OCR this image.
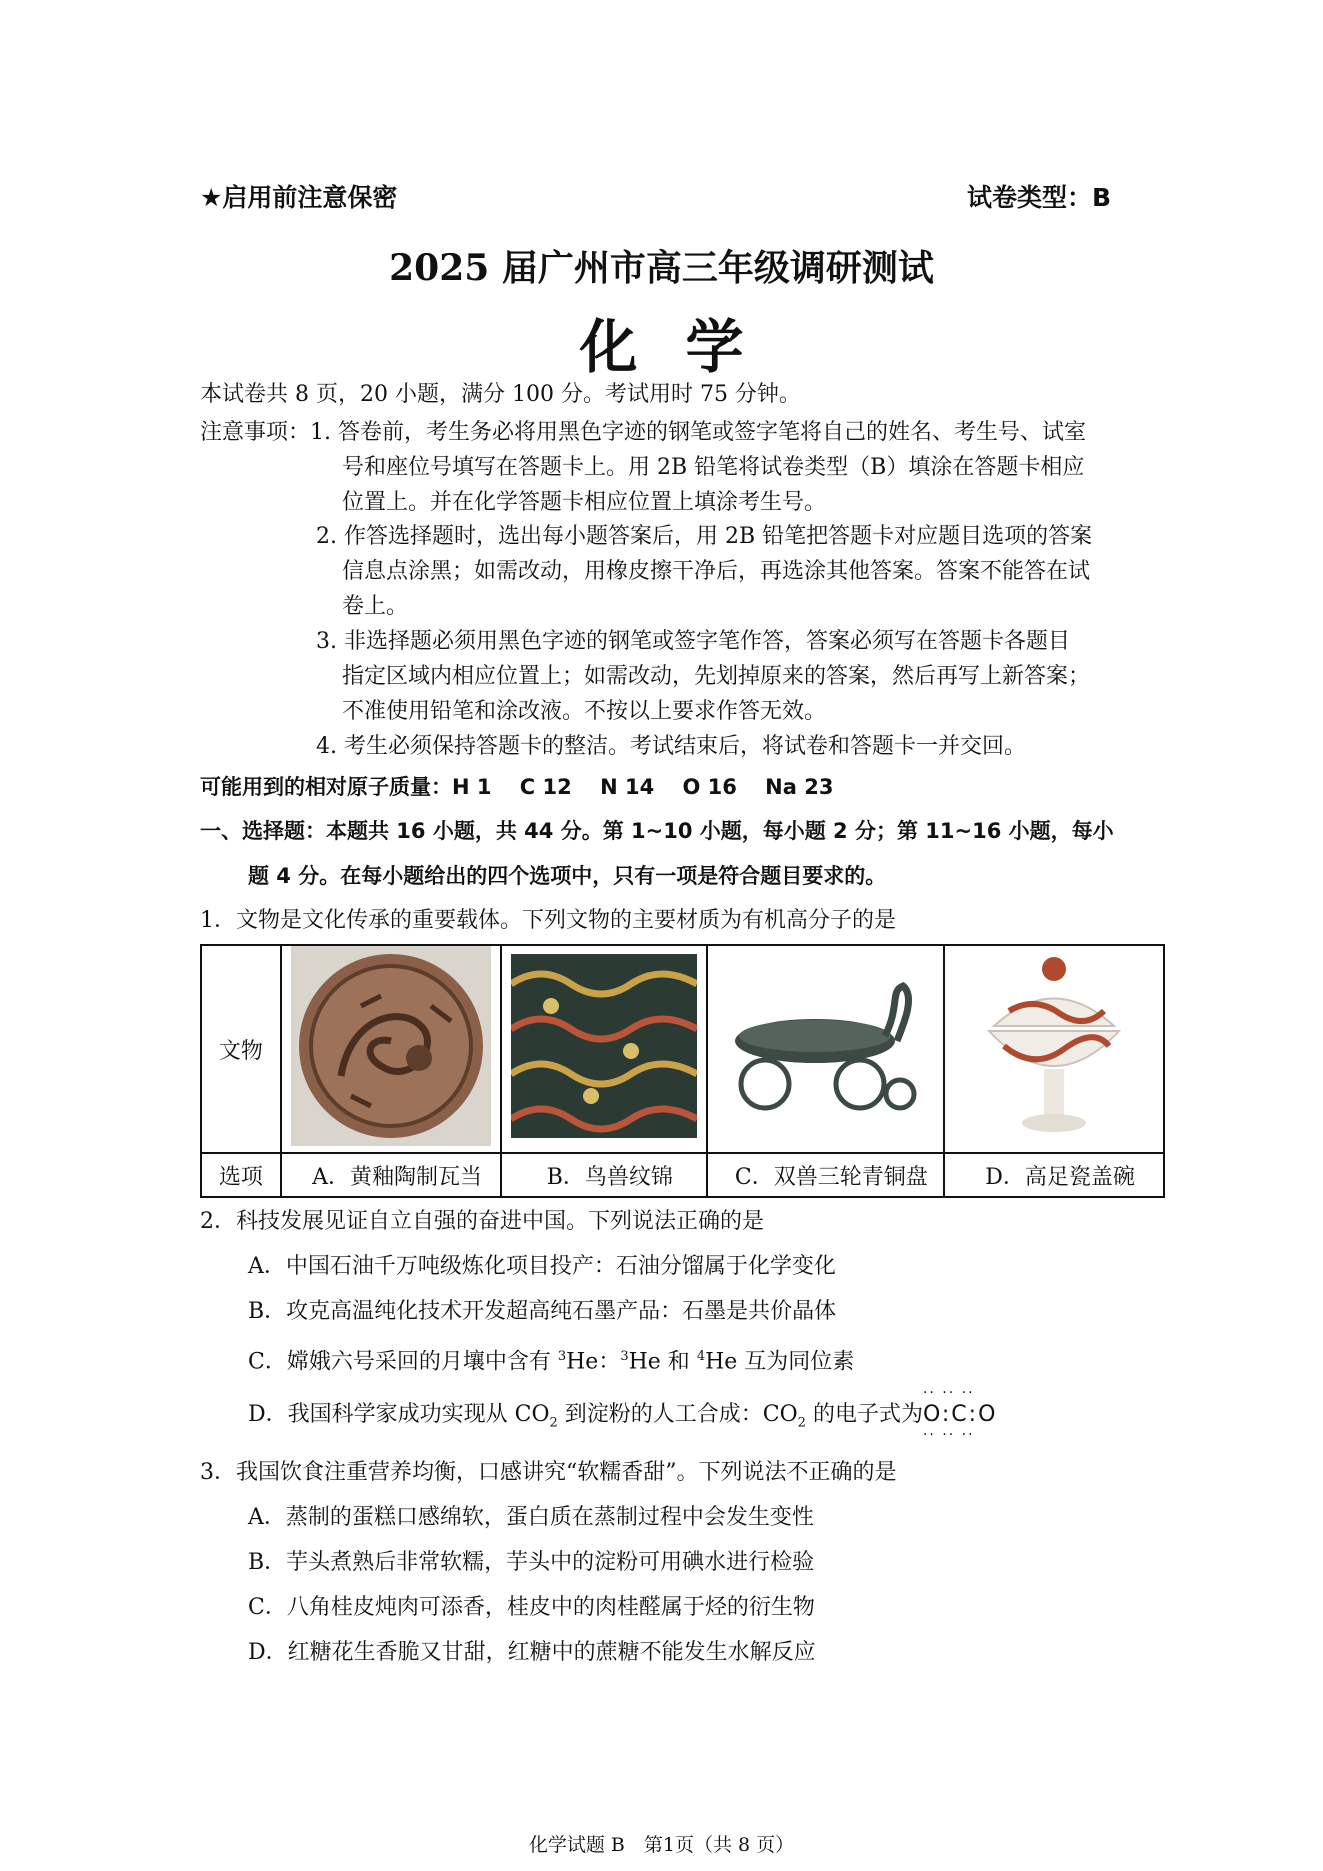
★启用前注意保密	试卷类型：B
2025 届广州市高三年级调研测试
化学
本试卷共 8 页，20 小题，满分 100 分。考试用时 75 分钟。
注意事项：1. 答卷前，考生务必将用黑色字迹的钢笔或签字笔将自己的姓名、考生号、试室
号和座位号填写在答题卡上。用 2B 铅笔将试卷类型（B）填涂在答题卡相应
位置上。并在化学答题卡相应位置上填涂考生号。
2. 作答选择题时，选出每小题答案后，用 2B 铅笔把答题卡对应题目选项的答案
信息点涂黑；如需改动，用橡皮擦干净后，再选涂其他答案。答案不能答在试
卷上。
3. 非选择题必须用黑色字迹的钢笔或签字笔作答，答案必须写在答题卡各题目
指定区域内相应位置上；如需改动，先划掉原来的答案，然后再写上新答案；
不准使用铅笔和涂改液。不按以上要求作答无效。
4. 考生必须保持答题卡的整洁。考试结束后，将试卷和答题卡一并交回。
可能用到的相对原子质量：H 1　 C 12　 N 14　 O 16　 Na 23
一、选择题：本题共 16 小题，共 44 分。第 1~10 小题，每小题 2 分；第 11~16 小题，每小
题 4 分。在每小题给出的四个选项中，只有一项是符合题目要求的。
1．文物是文化传承的重要载体。下列文物的主要材质为有机高分子的是
文物				
选项	A．黄釉陶制瓦当	B．鸟兽纹锦	C．双兽三轮青铜盘	D．高足瓷盖碗
2．科技发展见证自立自强的奋进中国。下列说法正确的是
A．中国石油千万吨级炼化项目投产：石油分馏属于化学变化
B．攻克高温纯化技术开发超高纯石墨产品：石墨是共价晶体
C．嫦娥六号采回的月壤中含有 $^3$He：$^3$He 和 $^4$He 互为同位素
D．我国科学家成功实现从 $CO_2$ 到淀粉的人工合成：$CO_2$ 的电子式为
·· ·· ··
O:C:O
·· ·· ··
3．我国饮食注重营养均衡，口感讲究“软糯香甜”。下列说法不正确的是
A．蒸制的蛋糕口感绵软，蛋白质在蒸制过程中会发生变性
B．芋头煮熟后非常软糯，芋头中的淀粉可用碘水进行检验
C．八角桂皮炖肉可添香，桂皮中的肉桂醛属于烃的衍生物
D．红糖花生香脆又甘甜，红糖中的蔗糖不能发生水解反应
化学试题 B　第1页（共 8 页）
